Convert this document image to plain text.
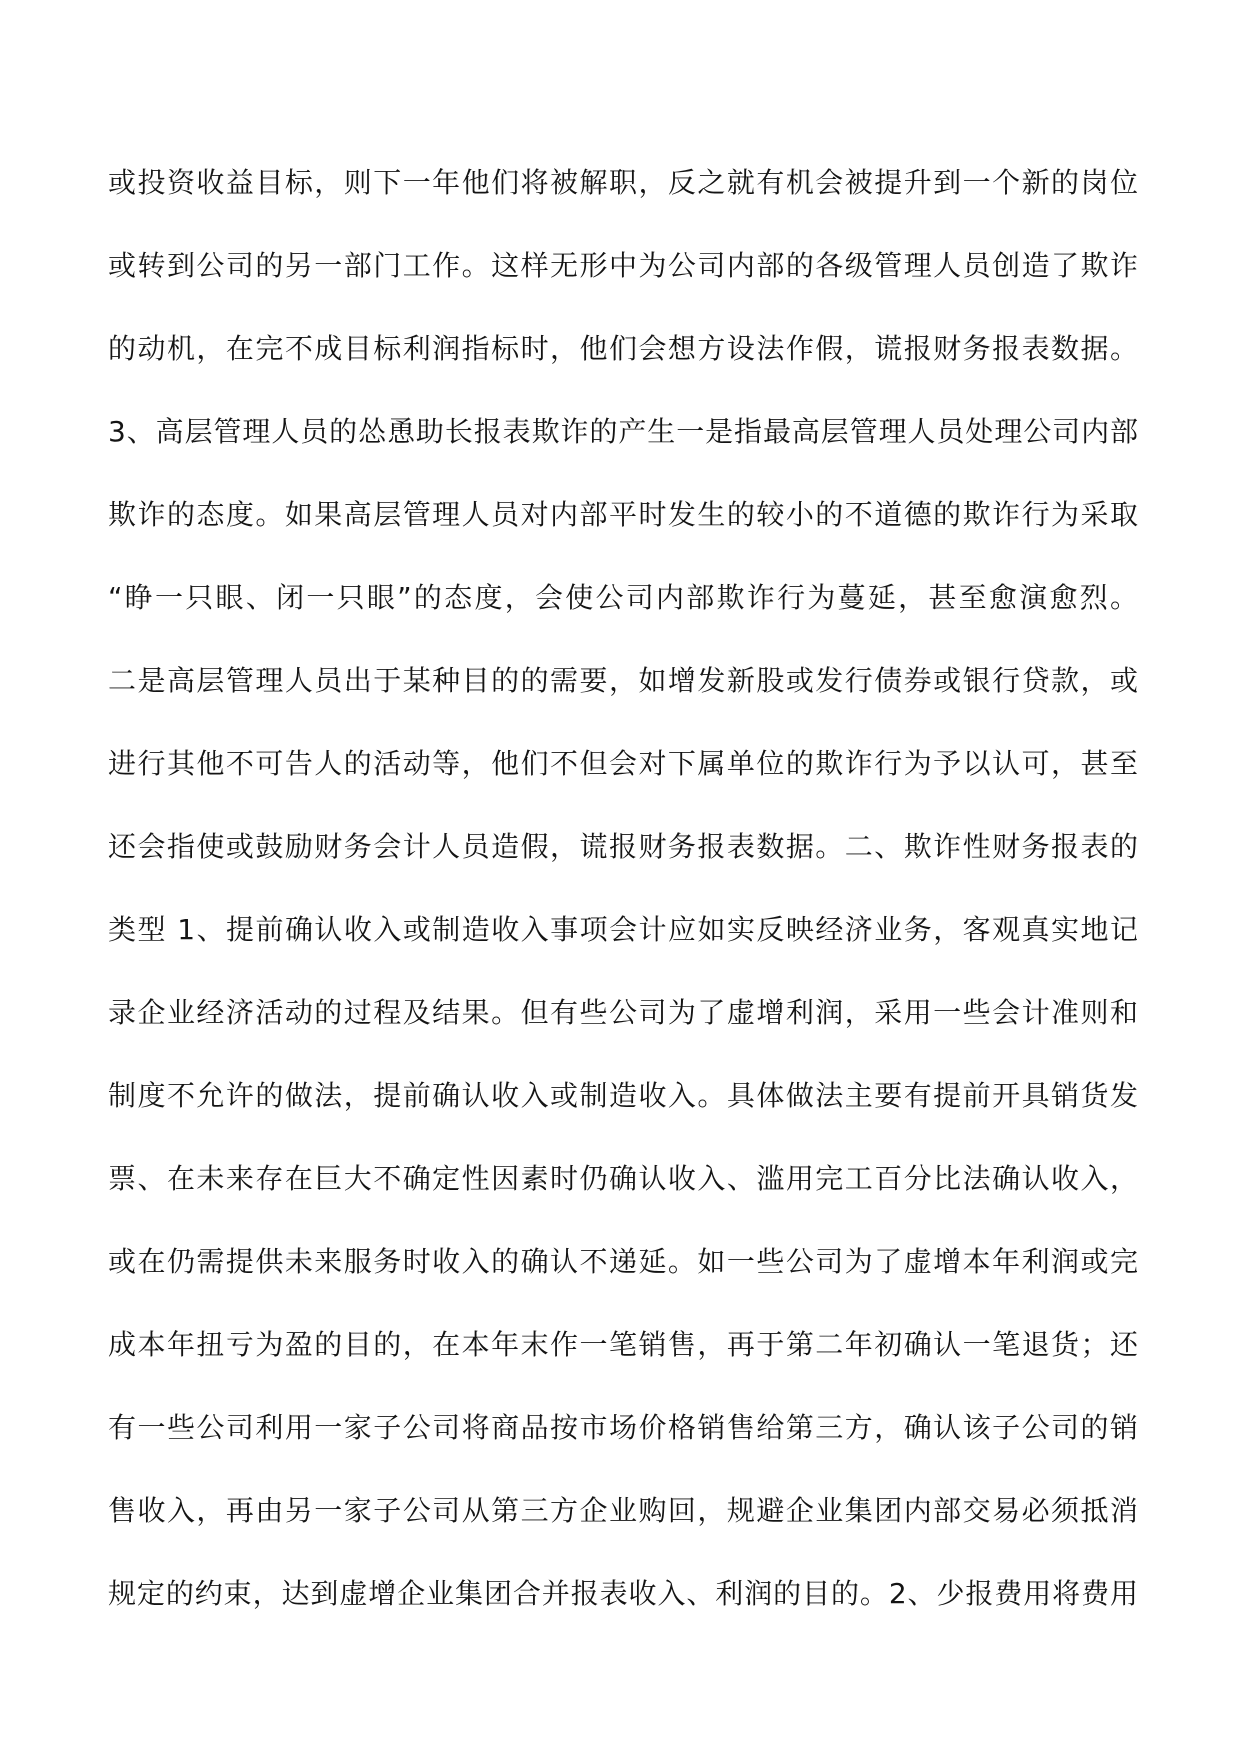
或投资收益目标，则下一年他们将被解职，反之就有机会被提升到一个新的岗位
或转到公司的另一部门工作。这样无形中为公司内部的各级管理人员创造了欺诈
的动机，在完不成目标利润指标时，他们会想方设法作假，谎报财务报表数据。
3、高层管理人员的怂恿助长报表欺诈的产生一是指最高层管理人员处理公司内部
欺诈的态度。如果高层管理人员对内部平时发生的较小的不道德的欺诈行为采取
“睁一只眼、闭一只眼”的态度，会使公司内部欺诈行为蔓延，甚至愈演愈烈。
二是高层管理人员出于某种目的的需要，如增发新股或发行债券或银行贷款，或
进行其他不可告人的活动等，他们不但会对下属单位的欺诈行为予以认可，甚至
还会指使或鼓励财务会计人员造假，谎报财务报表数据。二、欺诈性财务报表的
类型 1、提前确认收入或制造收入事项会计应如实反映经济业务，客观真实地记
录企业经济活动的过程及结果。但有些公司为了虚增利润，采用一些会计准则和
制度不允许的做法，提前确认收入或制造收入。具体做法主要有提前开具销货发
票、在未来存在巨大不确定性因素时仍确认收入、滥用完工百分比法确认收入，
或在仍需提供未来服务时收入的确认不递延。如一些公司为了虚增本年利润或完
成本年扭亏为盈的目的，在本年末作一笔销售，再于第二年初确认一笔退货；还
有一些公司利用一家子公司将商品按市场价格销售给第三方，确认该子公司的销
售收入，再由另一家子公司从第三方企业购回，规避企业集团内部交易必须抵消
规定的约束，达到虚增企业集团合并报表收入、利润的目的。2、少报费用将费用
